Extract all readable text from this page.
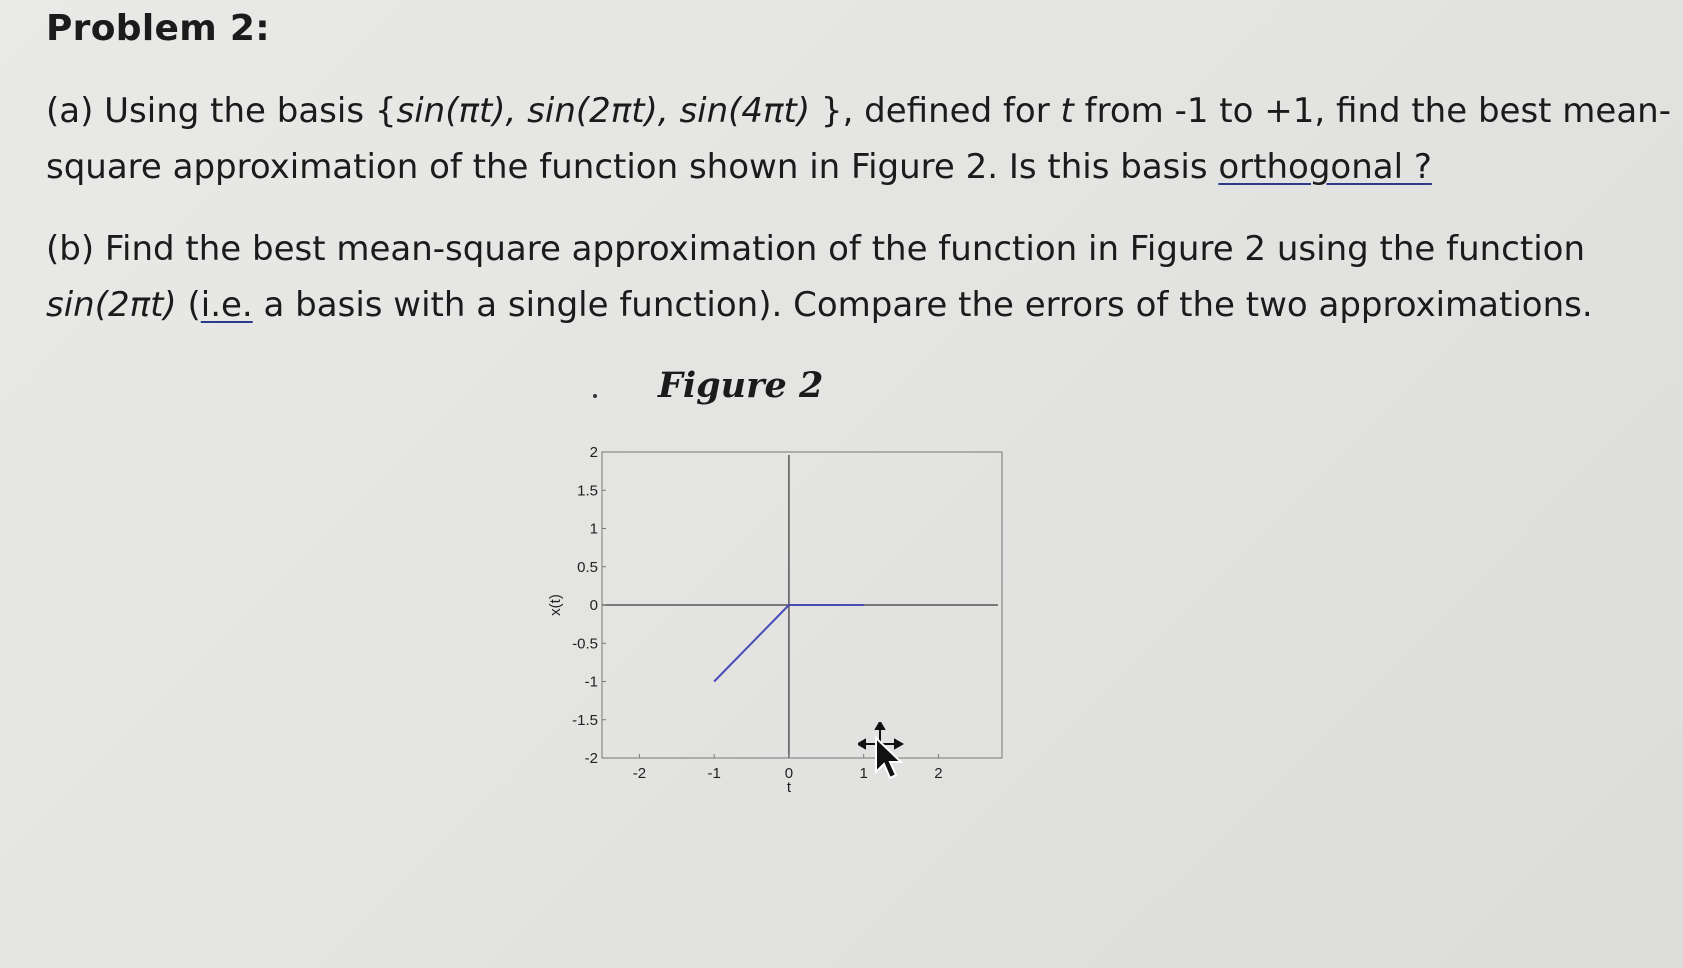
Problem 2:
(a) Using the basis {sin(πt), sin(2πt), sin(4πt) }, defined for t from -1 to +1, find the best mean-
square approximation of the function shown in Figure 2. Is this basis orthogonal ?
(b) Find the best mean-square approximation of the function in Figure 2 using the function
sin(2πt) (i.e. a basis with a single function). Compare the errors of the two approximations.
Figure 2
2
1.5
1
0.5
0
-0.5
-1
-1.5
-2
-2	-1	0	1	2
x(t)
t
